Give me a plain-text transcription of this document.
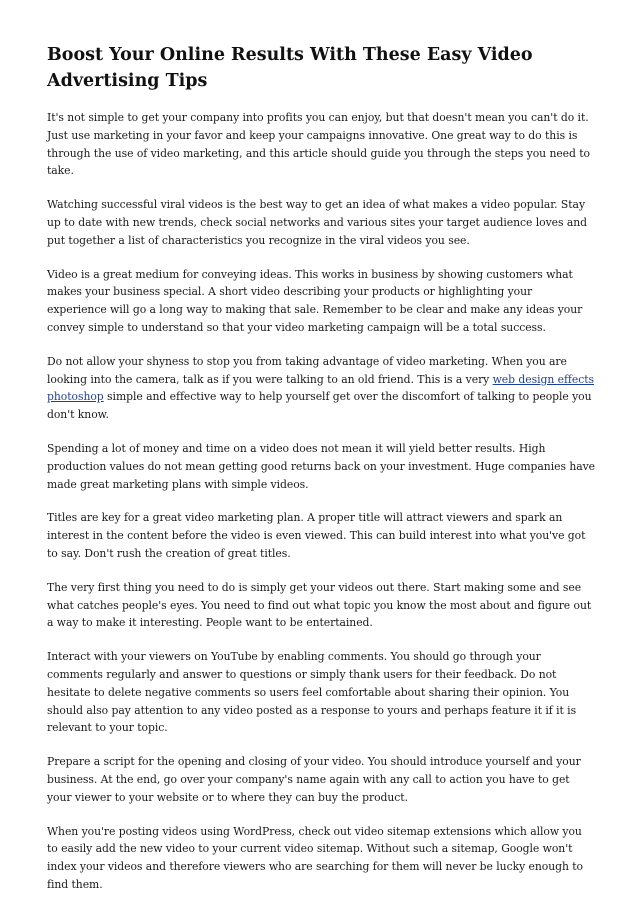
Boost Your Online Results With These Easy Video Advertising Tips

It's not simple to get your company into profits you can enjoy, but that doesn't mean you can't do it. Just use marketing in your favor and keep your campaigns innovative. One great way to do this is through the use of video marketing, and this article should guide you through the steps you need to take.

Watching successful viral videos is the best way to get an idea of what makes a video popular. Stay up to date with new trends, check social networks and various sites your target audience loves and put together a list of characteristics you recognize in the viral videos you see.

Video is a great medium for conveying ideas. This works in business by showing customers what makes your business special. A short video describing your products or highlighting your experience will go a long way to making that sale. Remember to be clear and make any ideas your convey simple to understand so that your video marketing campaign will be a total success.

Do not allow your shyness to stop you from taking advantage of video marketing. When you are looking into the camera, talk as if you were talking to an old friend. This is a very web design effects photoshop simple and effective way to help yourself get over the discomfort of talking to people you don't know.

Spending a lot of money and time on a video does not mean it will yield better results. High production values do not mean getting good returns back on your investment. Huge companies have made great marketing plans with simple videos.

Titles are key for a great video marketing plan. A proper title will attract viewers and spark an interest in the content before the video is even viewed. This can build interest into what you've got to say. Don't rush the creation of great titles.

The very first thing you need to do is simply get your videos out there. Start making some and see what catches people's eyes. You need to find out what topic you know the most about and figure out a way to make it interesting. People want to be entertained.

Interact with your viewers on YouTube by enabling comments. You should go through your comments regularly and answer to questions or simply thank users for their feedback. Do not hesitate to delete negative comments so users feel comfortable about sharing their opinion. You should also pay attention to any video posted as a response to yours and perhaps feature it if it is relevant to your topic.

Prepare a script for the opening and closing of your video. You should introduce yourself and your business. At the end, go over your company's name again with any call to action you have to get your viewer to your website or to where they can buy the product.

When you're posting videos using WordPress, check out video sitemap extensions which allow you to easily add the new video to your current video sitemap. Without such a sitemap, Google won't index your videos and therefore viewers who are searching for them will never be lucky enough to find them.
